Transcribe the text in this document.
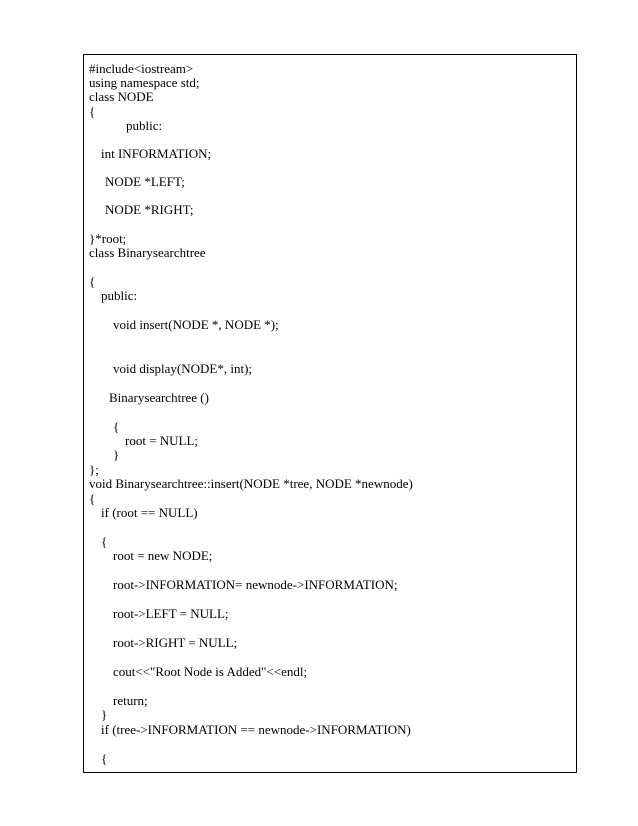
#include<iostream>
using namespace std;
class NODE
{
public:
int INFORMATION;
NODE *LEFT;
NODE *RIGHT;
}*root;
class Binarysearchtree
{
public:
void insert(NODE *, NODE *);
void display(NODE*, int);
Binarysearchtree ()
{
root = NULL;
}
};
void Binarysearchtree::insert(NODE *tree, NODE *newnode)
{
if (root == NULL)
{
root = new NODE;
root->INFORMATION= newnode->INFORMATION;
root->LEFT = NULL;
root->RIGHT = NULL;
cout<<"Root Node is Added"<<endl;
return;
}
if (tree->INFORMATION == newnode->INFORMATION)
{
